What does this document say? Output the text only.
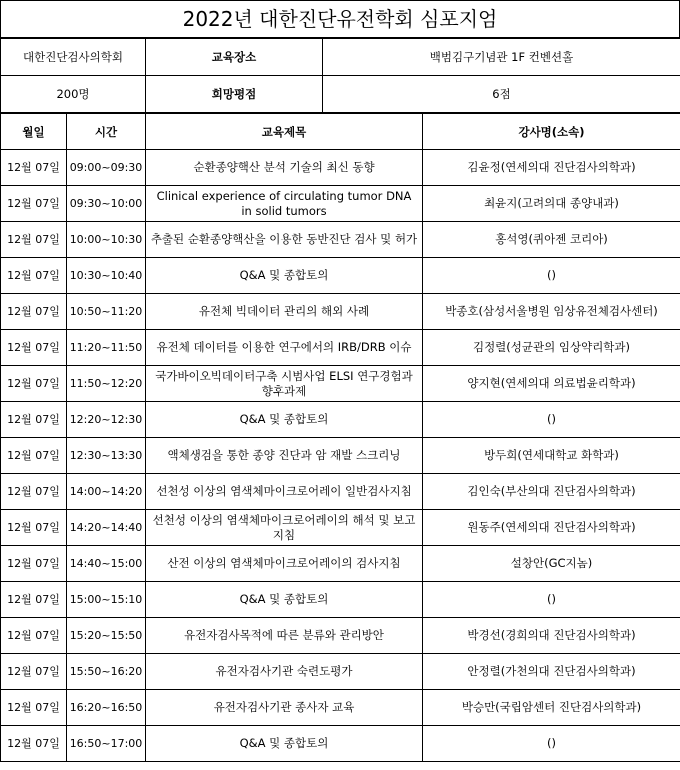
2022년 대한진단유전학회 심포지엄
대한진단검사의학회	교육장소	백범김구기념관 1F 컨벤션홀
200명	희망평점	6점
월일	시간	교육제목	강사명(소속)
12월 07일	09:00~09:30	순환종양핵산 분석 기술의 최신 동향	김윤정(연세의대 진단검사의학과)
12월 07일	09:30~10:00	Clinical experience of circulating tumor DNA in solid tumors	최윤지(고려의대 종양내과)
12월 07일	10:00~10:30	추출된 순환종양핵산을 이용한 동반진단 검사 및 허가	홍석영(퀴아젠 코리아)
12월 07일	10:30~10:40	Q&A 및 종합토의	()
12월 07일	10:50~11:20	유전체 빅데이터 관리의 해외 사례	박종호(삼성서울병원 임상유전체검사센터)
12월 07일	11:20~11:50	유전체 데이터를 이용한 연구에서의 IRB/DRB 이슈	김정렬(성균관의 임상약리학과)
12월 07일	11:50~12:20	국가바이오빅데이터구축 시범사업 ELSI 연구경험과 향후과제	양지현(연세의대 의료법윤리학과)
12월 07일	12:20~12:30	Q&A 및 종합토의	()
12월 07일	12:30~13:30	액체생검을 통한 종양 진단과 암 재발 스크리닝	방두희(연세대학교 화학과)
12월 07일	14:00~14:20	선천성 이상의 염색체마이크로어레이 일반검사지침	김인숙(부산의대 진단검사의학과)
12월 07일	14:20~14:40	선천성 이상의 염색체마이크로어레이의 해석 및 보고지침	원동주(연세의대 진단검사의학과)
12월 07일	14:40~15:00	산전 이상의 염색체마이크로어레이의 검사지침	설창안(GC지놈)
12월 07일	15:00~15:10	Q&A 및 종합토의	()
12월 07일	15:20~15:50	유전자검사목적에 따른 분류와 관리방안	박경선(경희의대 진단검사의학과)
12월 07일	15:50~16:20	유전자검사기관 숙련도평가	안정렬(가천의대 진단검사의학과)
12월 07일	16:20~16:50	유전자검사기관 종사자 교육	박승만(국립암센터 진단검사의학과)
12월 07일	16:50~17:00	Q&A 및 종합토의	()
